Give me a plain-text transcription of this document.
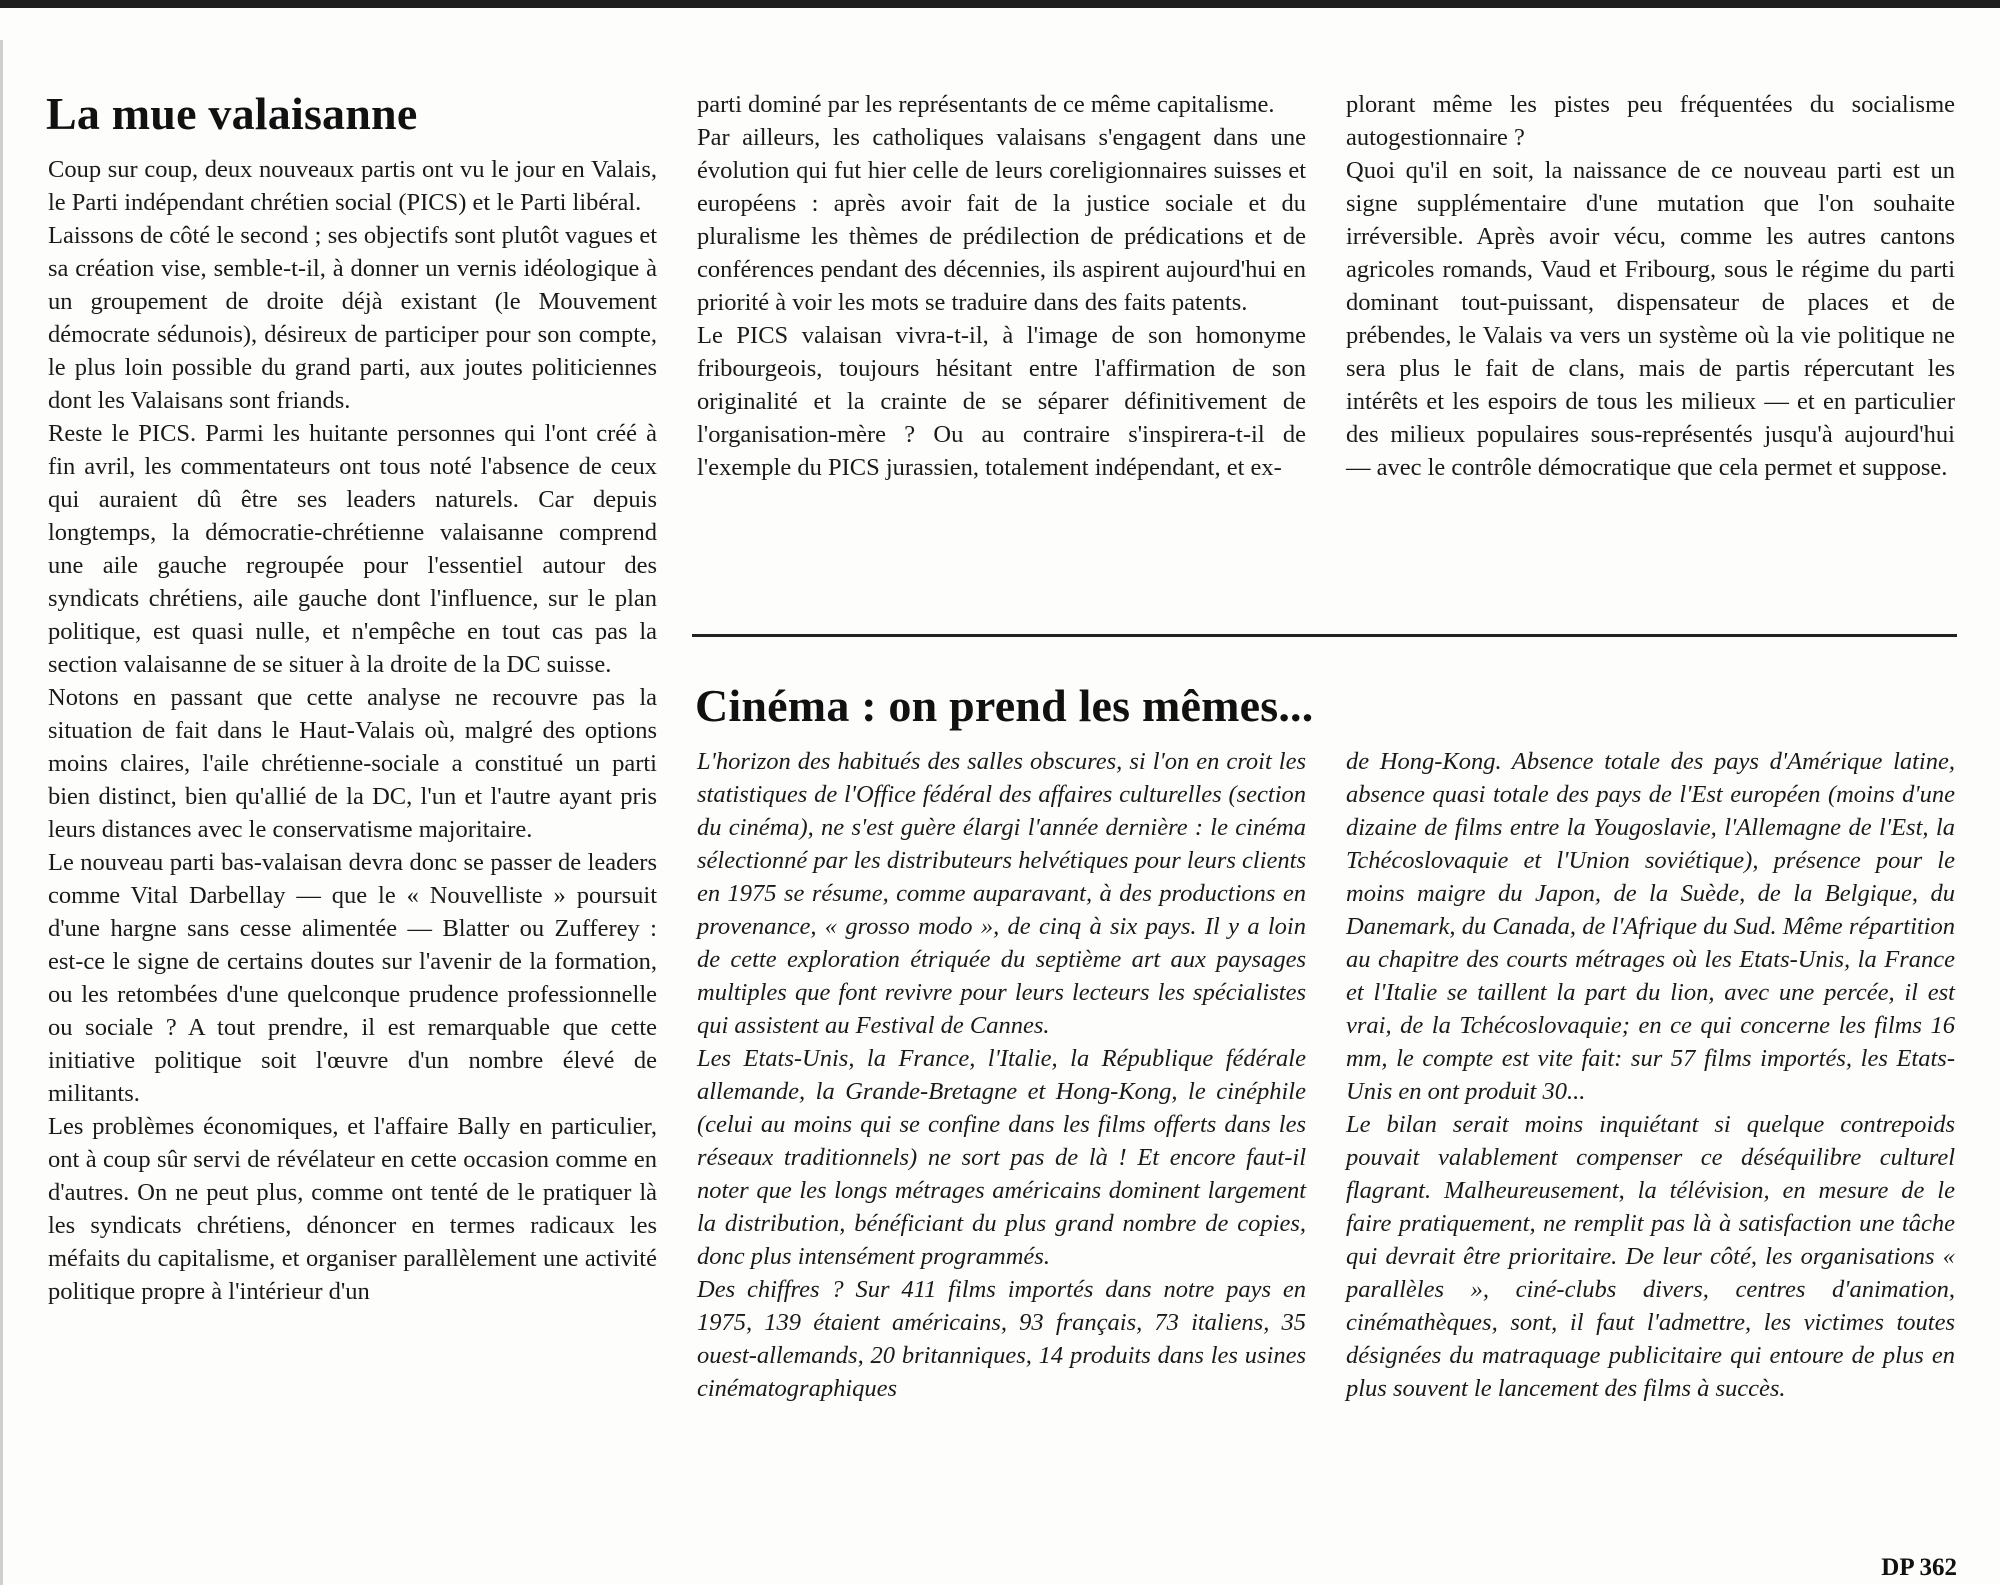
La mue valaisanne

Coup sur coup, deux nouveaux partis ont vu le jour en Valais, le Parti indépendant chrétien social (PICS) et le Parti libéral.

Laissons de côté le second ; ses objectifs sont plutôt vagues et sa création vise, semble-t-il, à donner un vernis idéologique à un groupement de droite déjà existant (le Mouvement démocrate sédunois), désireux de participer pour son compte, le plus loin possible du grand parti, aux joutes politiciennes dont les Valaisans sont friands.

Reste le PICS. Parmi les huitante personnes qui l'ont créé à fin avril, les commentateurs ont tous noté l'absence de ceux qui auraient dû être ses leaders naturels. Car depuis longtemps, la démocratie-chrétienne valaisanne comprend une aile gauche regroupée pour l'essentiel autour des syndicats chrétiens, aile gauche dont l'influence, sur le plan politique, est quasi nulle, et n'empêche en tout cas pas la section valaisanne de se situer à la droite de la DC suisse.

Notons en passant que cette analyse ne recouvre pas la situation de fait dans le Haut-Valais où, malgré des options moins claires, l'aile chrétienne-sociale a constitué un parti bien distinct, bien qu'allié de la DC, l'un et l'autre ayant pris leurs distances avec le conservatisme majoritaire.

Le nouveau parti bas-valaisan devra donc se passer de leaders comme Vital Darbellay — que le « Nouvelliste » poursuit d'une hargne sans cesse alimentée — Blatter ou Zufferey : est-ce le signe de certains doutes sur l'avenir de la formation, ou les retombées d'une quelconque prudence professionnelle ou sociale ? A tout prendre, il est remarquable que cette initiative politique soit l'œuvre d'un nombre élevé de militants.

Les problèmes économiques, et l'affaire Bally en particulier, ont à coup sûr servi de révélateur en cette occasion comme en d'autres. On ne peut plus, comme ont tenté de le pratiquer là les syndicats chrétiens, dénoncer en termes radicaux les méfaits du capitalisme, et organiser parallèlement une activité politique propre à l'intérieur d'un

parti dominé par les représentants de ce même capitalisme.

Par ailleurs, les catholiques valaisans s'engagent dans une évolution qui fut hier celle de leurs coreligionnaires suisses et européens : après avoir fait de la justice sociale et du pluralisme les thèmes de prédilection de prédications et de conférences pendant des décennies, ils aspirent aujourd'hui en priorité à voir les mots se traduire dans des faits patents.

Le PICS valaisan vivra-t-il, à l'image de son homonyme fribourgeois, toujours hésitant entre l'affirmation de son originalité et la crainte de se séparer définitivement de l'organisation-mère ? Ou au contraire s'inspirera-t-il de l'exemple du PICS jurassien, totalement indépendant, et ex-

plorant même les pistes peu fréquentées du socialisme autogestionnaire ?

Quoi qu'il en soit, la naissance de ce nouveau parti est un signe supplémentaire d'une mutation que l'on souhaite irréversible. Après avoir vécu, comme les autres cantons agricoles romands, Vaud et Fribourg, sous le régime du parti dominant tout-puissant, dispensateur de places et de prébendes, le Valais va vers un système où la vie politique ne sera plus le fait de clans, mais de partis répercutant les intérêts et les espoirs de tous les milieux — et en particulier des milieux populaires sous-représentés jusqu'à aujourd'hui — avec le contrôle démocratique que cela permet et suppose.

Cinéma : on prend les mêmes...

L'horizon des habitués des salles obscures, si l'on en croit les statistiques de l'Office fédéral des affaires culturelles (section du cinéma), ne s'est guère élargi l'année dernière : le cinéma sélectionné par les distributeurs helvétiques pour leurs clients en 1975 se résume, comme auparavant, à des productions en provenance, « grosso modo », de cinq à six pays. Il y a loin de cette exploration étriquée du septième art aux paysages multiples que font revivre pour leurs lecteurs les spécialistes qui assistent au Festival de Cannes.

Les Etats-Unis, la France, l'Italie, la République fédérale allemande, la Grande-Bretagne et Hong-Kong, le cinéphile (celui au moins qui se confine dans les films offerts dans les réseaux traditionnels) ne sort pas de là ! Et encore faut-il noter que les longs métrages américains dominent largement la distribution, bénéficiant du plus grand nombre de copies, donc plus intensément programmés.

Des chiffres ? Sur 411 films importés dans notre pays en 1975, 139 étaient américains, 93 français, 73 italiens, 35 ouest-allemands, 20 britanniques, 14 produits dans les usines cinématographiques

de Hong-Kong. Absence totale des pays d'Amérique latine, absence quasi totale des pays de l'Est européen (moins d'une dizaine de films entre la Yougoslavie, l'Allemagne de l'Est, la Tchécoslovaquie et l'Union soviétique), présence pour le moins maigre du Japon, de la Suède, de la Belgique, du Danemark, du Canada, de l'Afrique du Sud. Même répartition au chapitre des courts métrages où les Etats-Unis, la France et l'Italie se taillent la part du lion, avec une percée, il est vrai, de la Tchécoslovaquie; en ce qui concerne les films 16 mm, le compte est vite fait: sur 57 films importés, les Etats-Unis en ont produit 30...

Le bilan serait moins inquiétant si quelque contrepoids pouvait valablement compenser ce déséquilibre culturel flagrant. Malheureusement, la télévision, en mesure de le faire pratiquement, ne remplit pas là à satisfaction une tâche qui devrait être prioritaire. De leur côté, les organisations « parallèles », ciné-clubs divers, centres d'animation, cinémathèques, sont, il faut l'admettre, les victimes toutes désignées du matraquage publicitaire qui entoure de plus en plus souvent le lancement des films à succès.

DP 362
